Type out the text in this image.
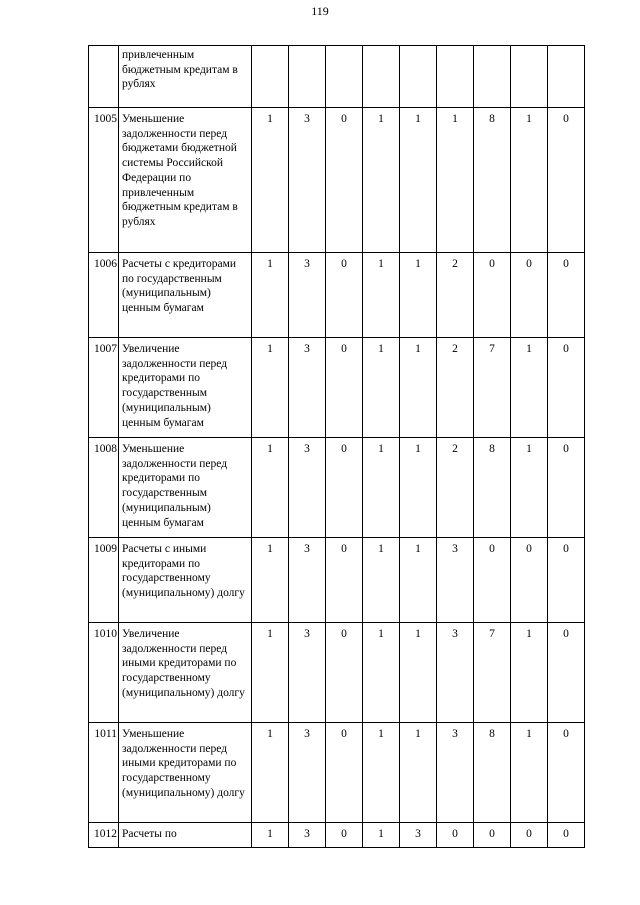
119
	привлеченным бюджетным кредитам в рублях									
1005	Уменьшение задолженности перед бюджетами бюджетной системы Российской Федерации по привлеченным бюджетным кредитам в рублях	1	3	0	1	1	1	8	1	0
1006	Расчеты с кредиторами по государственным (муниципальным) ценным бумагам	1	3	0	1	1	2	0	0	0
1007	Увеличение задолженности перед кредиторами по государственным (муниципальным) ценным бумагам	1	3	0	1	1	2	7	1	0
1008	Уменьшение задолженности перед кредиторами по государственным (муниципальным) ценным бумагам	1	3	0	1	1	2	8	1	0
1009	Расчеты с иными кредиторами по государственному (муниципальному) долгу	1	3	0	1	1	3	0	0	0
1010	Увеличение задолженности перед иными кредиторами по государственному (муниципальному) долгу	1	3	0	1	1	3	7	1	0
1011	Уменьшение задолженности перед иными кредиторами по государственному (муниципальному) долгу	1	3	0	1	1	3	8	1	0
1012	Расчеты по	1	3	0	1	3	0	0	0	0
